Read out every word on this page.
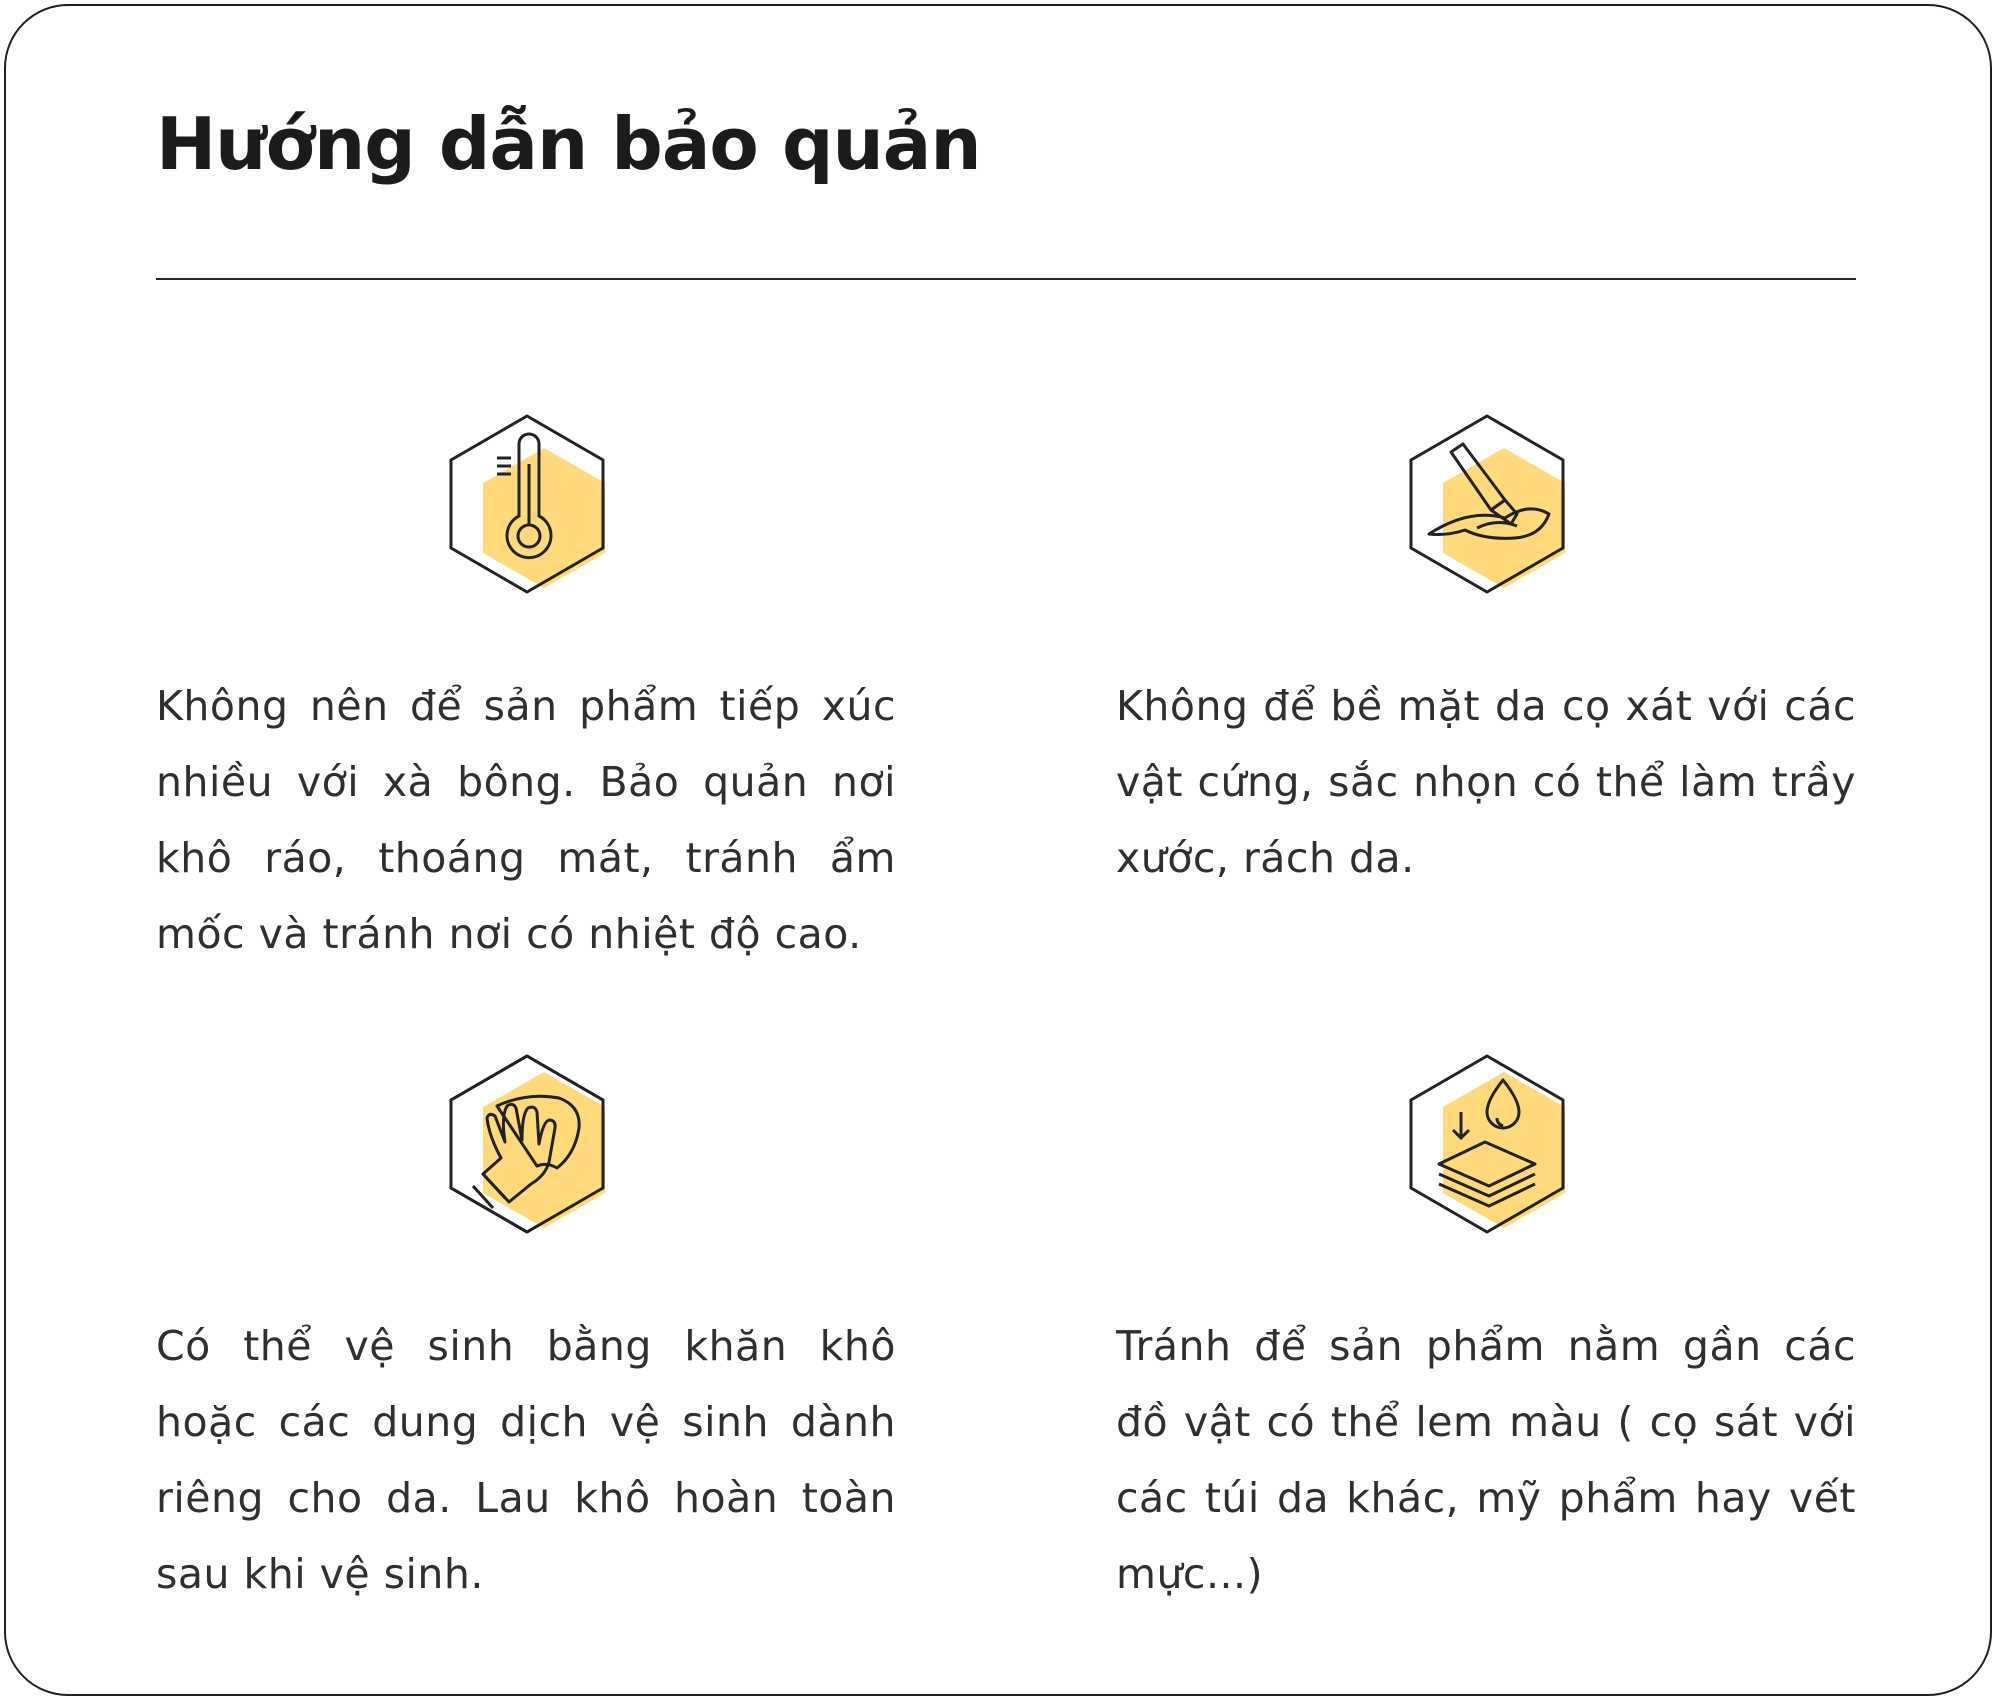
Hướng dẫn bảo quản

Không nên để sản phẩm tiếp xúc nhiều với xà bông. Bảo quản nơi khô ráo, thoáng mát, tránh ẩm mốc và tránh nơi có nhiệt độ cao.

Không để bề mặt da cọ xát với các vật cứng, sắc nhọn có thể làm trầy xước, rách da.

Có thể vệ sinh bằng khăn khô hoặc các dung dịch vệ sinh dành riêng cho da. Lau khô hoàn toàn sau khi vệ sinh.

Tránh để sản phẩm nằm gần các đồ vật có thể lem màu ( cọ sát với các túi da khác, mỹ phẩm hay vết mực...)
